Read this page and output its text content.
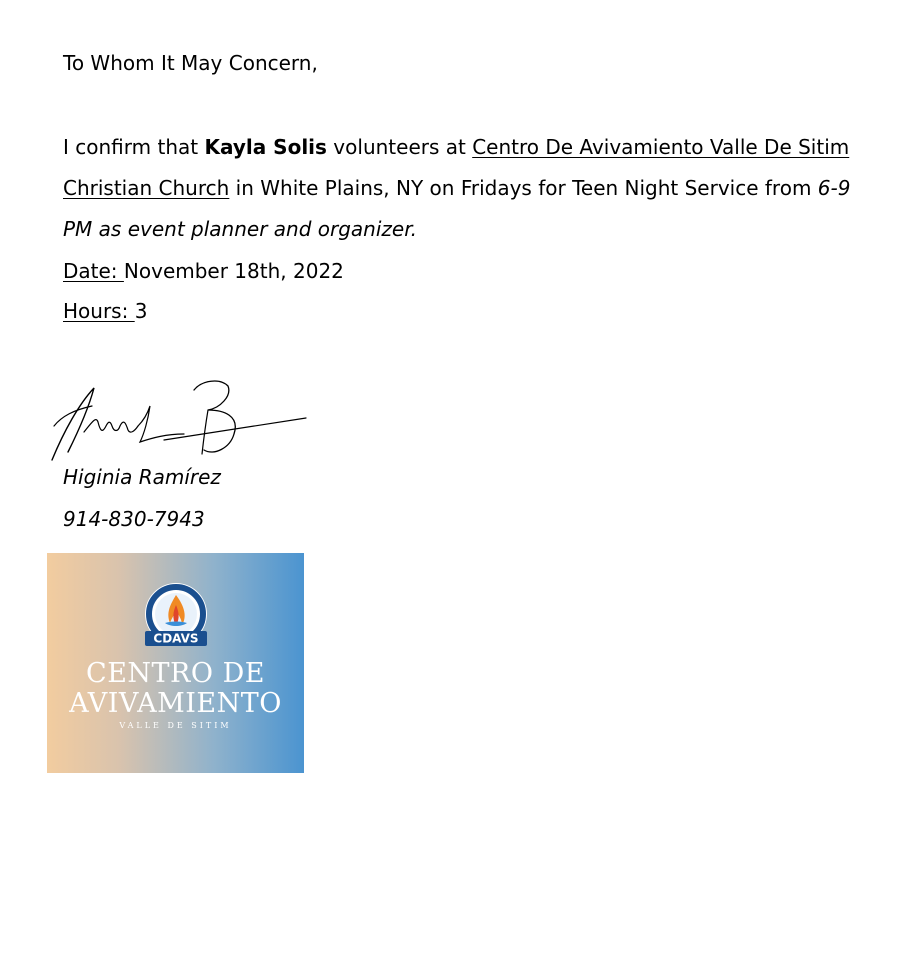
To Whom It May Concern,

I confirm that Kayla Solis volunteers at Centro De Avivamiento Valle De Sitim

Christian Church in White Plains, NY on Fridays for Teen Night Service from 6-9

PM as event planner and organizer.

Date: November 18th, 2022

Hours: 3

Higinia Ramírez

914-830-7943

CDAVS
CENTRO DE
AVIVAMIENTO
VALLE DE SITIM
